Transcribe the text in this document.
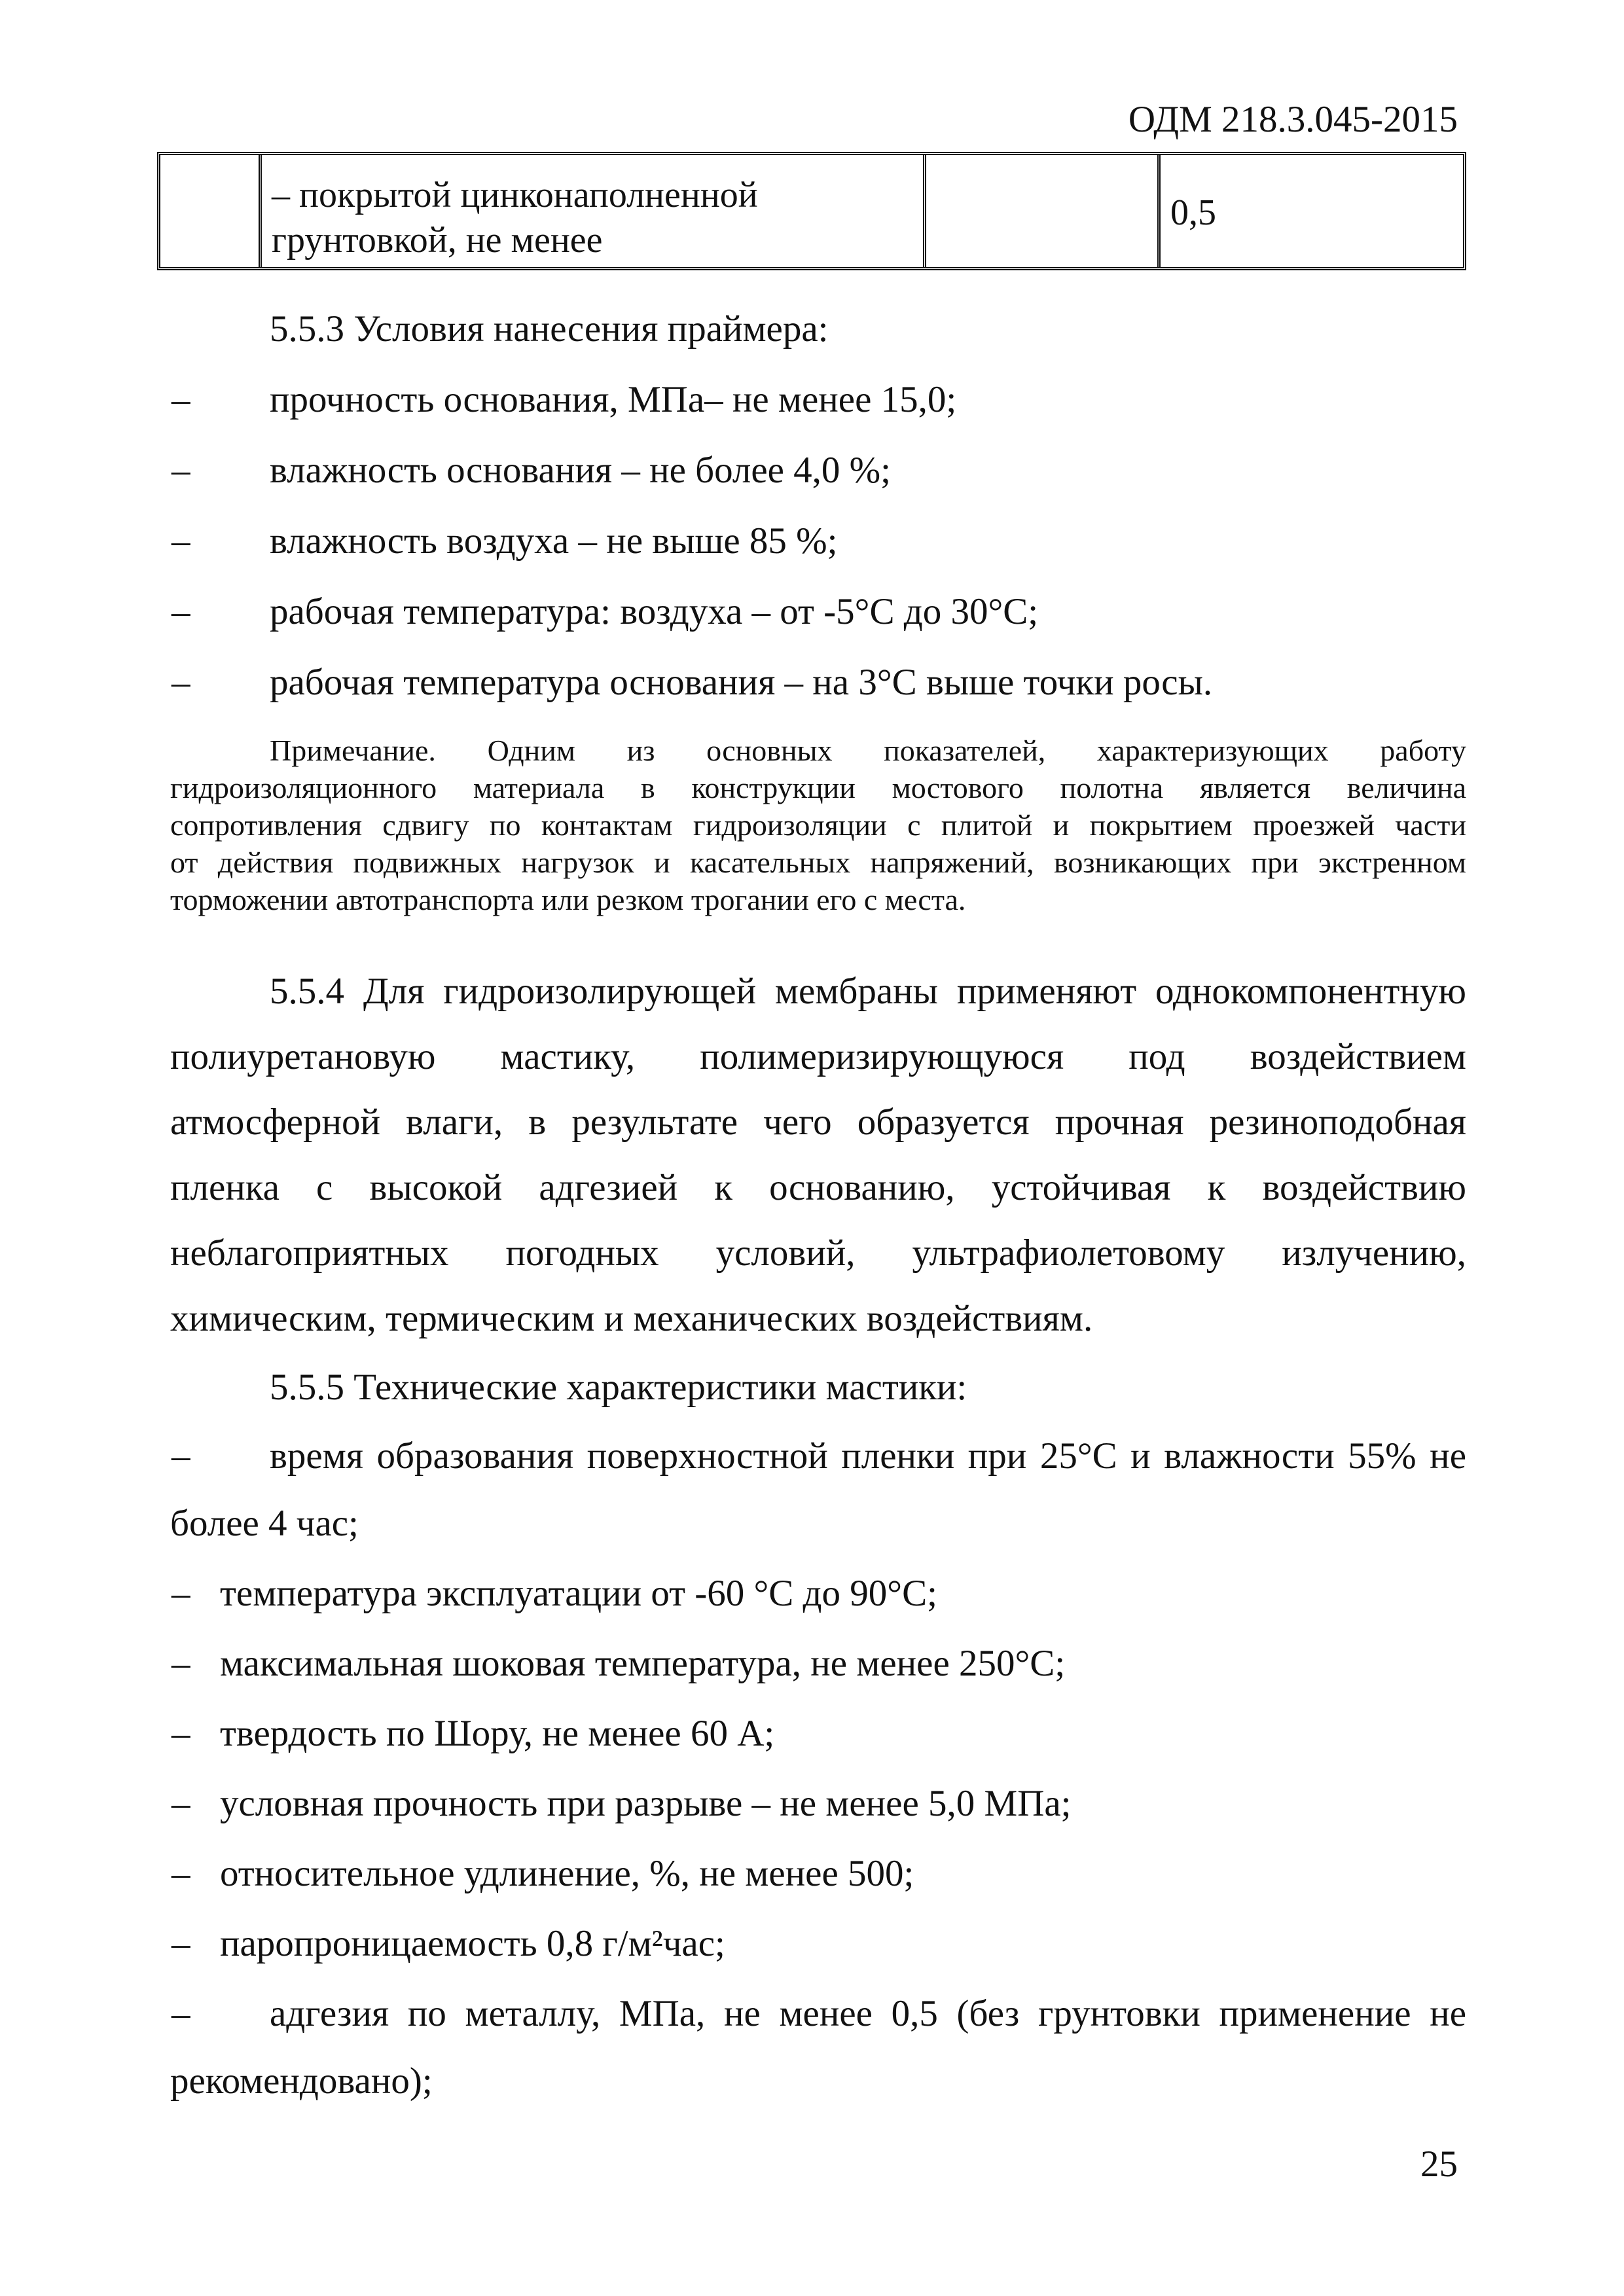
ОДМ 218.3.045-2015
– покрытой цинконаполненной
грунтовкой, не менее
0,5
5.5.3 Условия нанесения праймера:
– прочность основания, МПа– не менее 15,0;
– влажность основания – не более 4,0 %;
– влажность воздуха – не выше 85 %;
– рабочая температура: воздуха – от -5°С до 30°С;
– рабочая температура основания – на 3°С выше точки росы.
Примечание. Одним из основных показателей, характеризующих работу
гидроизоляционного материала в конструкции мостового полотна является величина
сопротивления сдвигу по контактам гидроизоляции с плитой и покрытием проезжей части
от действия подвижных нагрузок и касательных напряжений, возникающих при экстренном
торможении автотранспорта или резком трогании его с места.
5.5.4 Для гидроизолирующей мембраны применяют однокомпонентную
полиуретановую мастику, полимеризирующуюся под воздействием
атмосферной влаги, в результате чего образуется прочная резиноподобная
пленка с высокой адгезией к основанию, устойчивая к воздействию
неблагоприятных погодных условий, ультрафиолетовому излучению,
химическим, термическим и механических воздействиям.
5.5.5 Технические характеристики мастики:
– время образования поверхностной пленки при 25°С и влажности 55% не
более 4 час;
– температура эксплуатации от -60 °С до 90°С;
– максимальная шоковая температура, не менее 250°С;
– твердость по Шору, не менее 60 А;
– условная прочность при разрыве – не менее 5,0 МПа;
– относительное удлинение, %, не менее 500;
– паропроницаемость 0,8 г/м²час;
– адгезия по металлу, МПа, не менее 0,5 (без грунтовки применение не
рекомендовано);
25
